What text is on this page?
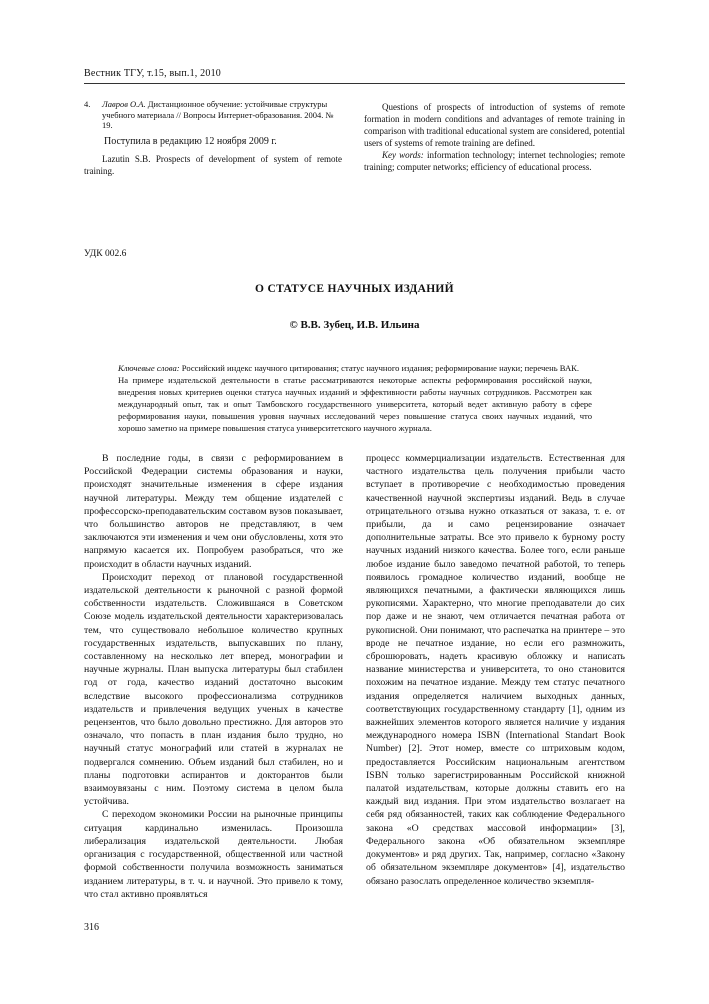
Вестник ТГУ, т.15, вып.1, 2010
4. Лавров О.А. Дистанционное обучение: устойчивые структуры учебного материала // Вопросы Интернет-образования. 2004. № 19.
Поступила в редакцию 12 ноября 2009 г.
Lazutin S.B. Prospects of development of system of remote training.

Questions of prospects of introduction of systems of remote formation in modern conditions and advantages of remote training in comparison with traditional educational system are considered, potential users of systems of remote training are defined.

Key words: information technology; internet technologies; remote training; computer networks; efficiency of educational process.

УДК 002.6
О СТАТУСЕ НАУЧНЫХ ИЗДАНИЙ
© В.В. Зубец, И.В. Ильина

Ключевые слова: Российский индекс научного цитирования; статус научного издания; реформирование науки; перечень ВАК.

На примере издательской деятельности в статье рассматриваются некоторые аспекты реформирования российской науки, внедрения новых критериев оценки статуса научных изданий и эффективности работы научных сотрудников. Рассмотрен как международный опыт, так и опыт Тамбовского государственного университета, который ведет активную работу в сфере реформирования науки, повышения уровня научных исследований через повышение статуса своих научных изданий, что хорошо заметно на примере повышения статуса университетского научного журнала.

В последние годы, в связи с реформированием в Российской Федерации системы образования и науки, происходят значительные изменения в сфере издания научной литературы. Между тем общение издателей с профессорско-преподавательским составом вузов показывает, что большинство авторов не представляют, в чем заключаются эти изменения и чем они обусловлены, хотя это напрямую касается их. Попробуем разобраться, что же происходит в области научных изданий.

Происходит переход от плановой государственной издательской деятельности к рыночной с разной формой собственности издательств. Сложившаяся в Советском Союзе модель издательской деятельности характеризовалась тем, что существовало небольшое количество крупных государственных издательств, выпускавших по плану, составленному на несколько лет вперед, монографии и научные журналы. План выпуска литературы был стабилен год от года, качество изданий достаточно высоким вследствие высокого профессионализма сотрудников издательств и привлечения ведущих ученых в качестве рецензентов, что было довольно престижно. Для авторов это означало, что попасть в план издания было трудно, но научный статус монографий или статей в журналах не подвергался сомнению. Объем изданий был стабилен, но и планы подготовки аспирантов и докторантов были взаимоувязаны с ним. Поэтому система в целом была устойчива.

С переходом экономики России на рыночные принципы ситуация кардинально изменилась. Произошла либерализация издательской деятельности. Любая организация с государственной, общественной или частной формой собственности получила возможность заниматься изданием литературы, в т. ч. и научной. Это привело к тому, что стал активно проявляться

процесс коммерциализации издательств. Естественная для частного издательства цель получения прибыли часто вступает в противоречие с необходимостью проведения качественной научной экспертизы изданий. Ведь в случае отрицательного отзыва нужно отказаться от заказа, т. е. от прибыли, да и само рецензирование означает дополнительные затраты. Все это привело к бурному росту научных изданий низкого качества. Более того, если раньше любое издание было заведомо печатной работой, то теперь появилось громадное количество изданий, вообще не являющихся печатными, а фактически являющихся лишь рукописями. Характерно, что многие преподаватели до сих пор даже и не знают, чем отличается печатная работа от рукописной. Они понимают, что распечатка на принтере – это вроде не печатное издание, но если его размножить, сброшюровать, надеть красивую обложку и написать название министерства и университета, то оно становится похожим на печатное издание. Между тем статус печатного издания определяется наличием выходных данных, соответствующих государственному стандарту [1], одним из важнейших элементов которого является наличие у издания международного номера ISBN (International Standart Book Number) [2]. Этот номер, вместе со штриховым кодом, предоставляется Российским национальным агентством ISBN только зарегистрированным Российской книжной палатой издательствам, которые должны ставить его на каждый вид издания. При этом издательство возлагает на себя ряд обязанностей, таких как соблюдение Федерального закона «О средствах массовой информации» [3], Федерального закона «Об обязательном экземпляре документов» и ряд других. Так, например, согласно «Закону об обязательном экземпляре документов» [4], издательство обязано разослать определенное количество экземпля-

316
